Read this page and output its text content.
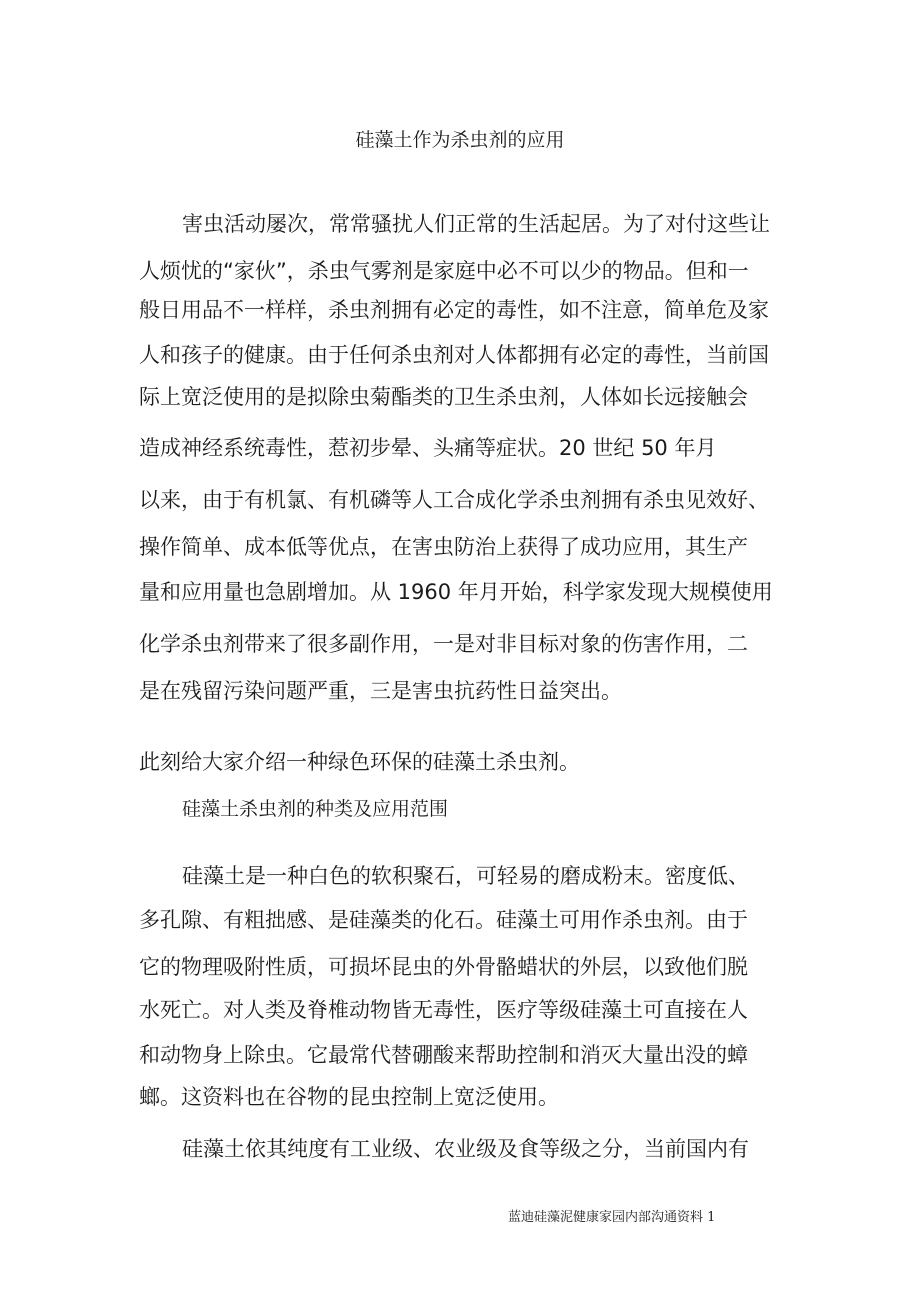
硅藻土作为杀虫剂的应用
害虫活动屡次，常常骚扰人们正常的生活起居。为了对付这些让
人烦忧的“家伙”，杀虫气雾剂是家庭中必不可以少的物品。但和一
般日用品不一样样，杀虫剂拥有必定的毒性，如不注意，简单危及家
人和孩子的健康。由于任何杀虫剂对人体都拥有必定的毒性，当前国
际上宽泛使用的是拟除虫菊酯类的卫生杀虫剂，人体如长远接触会
造成神经系统毒性，惹初步晕、头痛等症状。20 世纪 50 年月
以来，由于有机氯、有机磷等人工合成化学杀虫剂拥有杀虫见效好、
操作简单、成本低等优点，在害虫防治上获得了成功应用，其生产
量和应用量也急剧增加。从 1960 年月开始，科学家发现大规模使用
化学杀虫剂带来了很多副作用，一是对非目标对象的伤害作用，二
是在残留污染问题严重，三是害虫抗药性日益突出。
此刻给大家介绍一种绿色环保的硅藻土杀虫剂。
硅藻土杀虫剂的种类及应用范围
硅藻土是一种白色的软积聚石，可轻易的磨成粉末。密度低、
多孔隙、有粗拙感、是硅藻类的化石。硅藻土可用作杀虫剂。由于
它的物理吸附性质，可损坏昆虫的外骨骼蜡状的外层，以致他们脱
水死亡。对人类及脊椎动物皆无毒性，医疗等级硅藻土可直接在人
和动物身上除虫。它最常代替硼酸来帮助控制和消灭大量出没的蟑
螂。这资料也在谷物的昆虫控制上宽泛使用。
硅藻土依其纯度有工业级、农业级及食等级之分，当前国内有
蓝迪硅藻泥健康家园内部沟通资料 1
